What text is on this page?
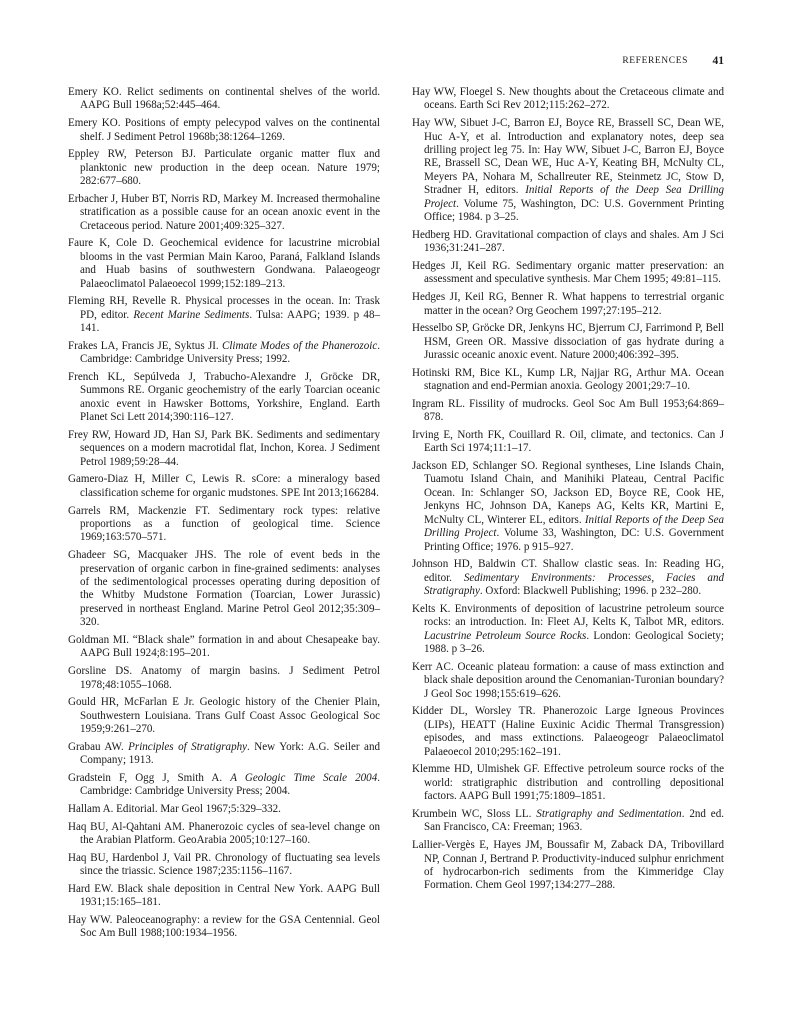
REFERENCES 41

Emery KO. Relict sediments on continental shelves of the world. AAPG Bull 1968a;52:445–464.

Emery KO. Positions of empty pelecypod valves on the continental shelf. J Sediment Petrol 1968b;38:1264–1269.

Eppley RW, Peterson BJ. Particulate organic matter flux and planktonic new production in the deep ocean. Nature 1979; 282:677–680.

Erbacher J, Huber BT, Norris RD, Markey M. Increased thermohaline stratification as a possible cause for an ocean anoxic event in the Cretaceous period. Nature 2001;409:325–327.

Faure K, Cole D. Geochemical evidence for lacustrine microbial blooms in the vast Permian Main Karoo, Paraná, Falkland Islands and Huab basins of southwestern Gondwana. Palaeogeogr Palaeoclimatol Palaeoecol 1999;152:189–213.

Fleming RH, Revelle R. Physical processes in the ocean. In: Trask PD, editor. Recent Marine Sediments. Tulsa: AAPG; 1939. p 48–141.

Frakes LA, Francis JE, Syktus JI. Climate Modes of the Phanerozoic. Cambridge: Cambridge University Press; 1992.

French KL, Sepúlveda J, Trabucho-Alexandre J, Gröcke DR, Summons RE. Organic geochemistry of the early Toarcian oceanic anoxic event in Hawsker Bottoms, Yorkshire, England. Earth Planet Sci Lett 2014;390:116–127.

Frey RW, Howard JD, Han SJ, Park BK. Sediments and sedimentary sequences on a modern macrotidal flat, Inchon, Korea. J Sediment Petrol 1989;59:28–44.

Gamero-Diaz H, Miller C, Lewis R. sCore: a mineralogy based classification scheme for organic mudstones. SPE Int 2013;166284.

Garrels RM, Mackenzie FT. Sedimentary rock types: relative proportions as a function of geological time. Science 1969;163:570–571.

Ghadeer SG, Macquaker JHS. The role of event beds in the preservation of organic carbon in fine-grained sediments: analyses of the sedimentological processes operating during deposition of the Whitby Mudstone Formation (Toarcian, Lower Jurassic) preserved in northeast England. Marine Petrol Geol 2012;35:309–320.

Goldman MI. “Black shale” formation in and about Chesapeake bay. AAPG Bull 1924;8:195–201.

Gorsline DS. Anatomy of margin basins. J Sediment Petrol 1978;48:1055–1068.

Gould HR, McFarlan E Jr. Geologic history of the Chenier Plain, Southwestern Louisiana. Trans Gulf Coast Assoc Geological Soc 1959;9:261–270.

Grabau AW. Principles of Stratigraphy. New York: A.G. Seiler and Company; 1913.

Gradstein F, Ogg J, Smith A. A Geologic Time Scale 2004. Cambridge: Cambridge University Press; 2004.

Hallam A. Editorial. Mar Geol 1967;5:329–332.

Haq BU, Al-Qahtani AM. Phanerozoic cycles of sea-level change on the Arabian Platform. GeoArabia 2005;10:127–160.

Haq BU, Hardenbol J, Vail PR. Chronology of fluctuating sea levels since the triassic. Science 1987;235:1156–1167.

Hard EW. Black shale deposition in Central New York. AAPG Bull 1931;15:165–181.

Hay WW. Paleoceanography: a review for the GSA Centennial. Geol Soc Am Bull 1988;100:1934–1956.

Hay WW, Floegel S. New thoughts about the Cretaceous climate and oceans. Earth Sci Rev 2012;115:262–272.

Hay WW, Sibuet J-C, Barron EJ, Boyce RE, Brassell SC, Dean WE, Huc A-Y, et al. Introduction and explanatory notes, deep sea drilling project leg 75. In: Hay WW, Sibuet J-C, Barron EJ, Boyce RE, Brassell SC, Dean WE, Huc A-Y, Keating BH, McNulty CL, Meyers PA, Nohara M, Schallreuter RE, Steinmetz JC, Stow D, Stradner H, editors. Initial Reports of the Deep Sea Drilling Project. Volume 75, Washington, DC: U.S. Government Printing Office; 1984. p 3–25.

Hedberg HD. Gravitational compaction of clays and shales. Am J Sci 1936;31:241–287.

Hedges JI, Keil RG. Sedimentary organic matter preservation: an assessment and speculative synthesis. Mar Chem 1995; 49:81–115.

Hedges JI, Keil RG, Benner R. What happens to terrestrial organic matter in the ocean? Org Geochem 1997;27:195–212.

Hesselbo SP, Gröcke DR, Jenkyns HC, Bjerrum CJ, Farrimond P, Bell HSM, Green OR. Massive dissociation of gas hydrate during a Jurassic oceanic anoxic event. Nature 2000;406:392–395.

Hotinski RM, Bice KL, Kump LR, Najjar RG, Arthur MA. Ocean stagnation and end-Permian anoxia. Geology 2001;29:7–10.

Ingram RL. Fissility of mudrocks. Geol Soc Am Bull 1953;64:869–878.

Irving E, North FK, Couillard R. Oil, climate, and tectonics. Can J Earth Sci 1974;11:1–17.

Jackson ED, Schlanger SO. Regional syntheses, Line Islands Chain, Tuamotu Island Chain, and Manihiki Plateau, Central Pacific Ocean. In: Schlanger SO, Jackson ED, Boyce RE, Cook HE, Jenkyns HC, Johnson DA, Kaneps AG, Kelts KR, Martini E, McNulty CL, Winterer EL, editors. Initial Reports of the Deep Sea Drilling Project. Volume 33, Washington, DC: U.S. Government Printing Office; 1976. p 915–927.

Johnson HD, Baldwin CT. Shallow clastic seas. In: Reading HG, editor. Sedimentary Environments: Processes, Facies and Stratigraphy. Oxford: Blackwell Publishing; 1996. p 232–280.

Kelts K. Environments of deposition of lacustrine petroleum source rocks: an introduction. In: Fleet AJ, Kelts K, Talbot MR, editors. Lacustrine Petroleum Source Rocks. London: Geological Society; 1988. p 3–26.

Kerr AC. Oceanic plateau formation: a cause of mass extinction and black shale deposition around the Cenomanian-Turonian boundary? J Geol Soc 1998;155:619–626.

Kidder DL, Worsley TR. Phanerozoic Large Igneous Provinces (LIPs), HEATT (Haline Euxinic Acidic Thermal Transgression) episodes, and mass extinctions. Palaeogeogr Palaeoclimatol Palaeoecol 2010;295:162–191.

Klemme HD, Ulmishek GF. Effective petroleum source rocks of the world: stratigraphic distribution and controlling depositional factors. AAPG Bull 1991;75:1809–1851.

Krumbein WC, Sloss LL. Stratigraphy and Sedimentation. 2nd ed. San Francisco, CA: Freeman; 1963.

Lallier-Vergès E, Hayes JM, Boussafir M, Zaback DA, Tribovillard NP, Connan J, Bertrand P. Productivity-induced sulphur enrichment of hydrocarbon-rich sediments from the Kimmeridge Clay Formation. Chem Geol 1997;134:277–288.
